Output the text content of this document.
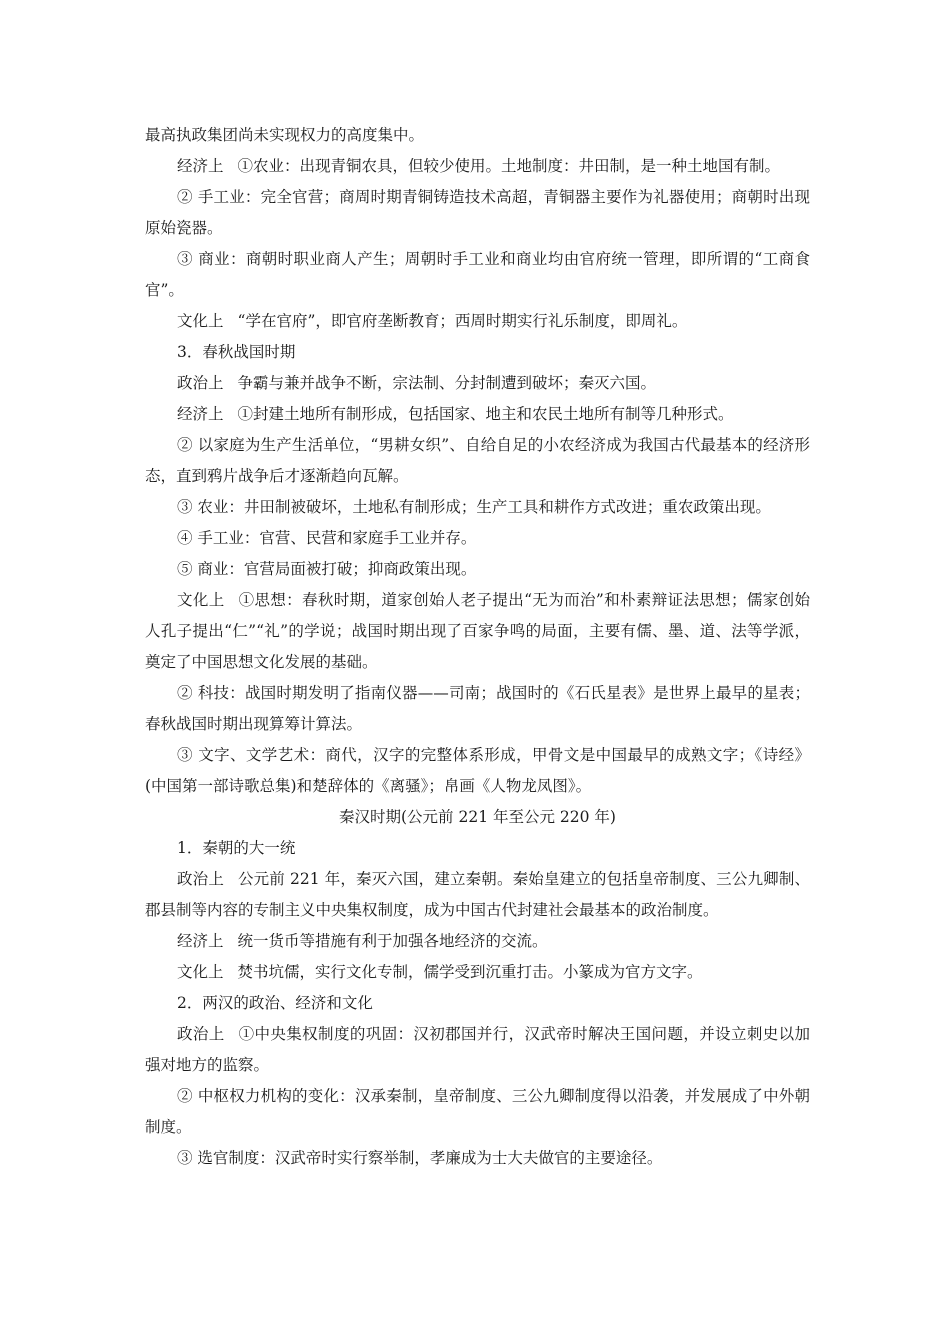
最高执政集团尚未实现权力的高度集中。

经济上 ①农业：出现青铜农具，但较少使用。土地制度：井田制，是一种土地国有制。

② 手工业：完全官营；商周时期青铜铸造技术高超，青铜器主要作为礼器使用；商朝时出现原始瓷器。

③ 商业：商朝时职业商人产生；周朝时手工业和商业均由官府统一管理，即所谓的“工商食官”。

文化上 “学在官府”，即官府垄断教育；西周时期实行礼乐制度，即周礼。

3．春秋战国时期

政治上 争霸与兼并战争不断，宗法制、分封制遭到破坏；秦灭六国。

经济上 ①封建土地所有制形成，包括国家、地主和农民土地所有制等几种形式。

② 以家庭为生产生活单位，“男耕女织”、自给自足的小农经济成为我国古代最基本的经济形态，直到鸦片战争后才逐渐趋向瓦解。

③ 农业：井田制被破坏，土地私有制形成；生产工具和耕作方式改进；重农政策出现。

④ 手工业：官营、民营和家庭手工业并存。

⑤ 商业：官营局面被打破；抑商政策出现。

文化上 ①思想：春秋时期，道家创始人老子提出“无为而治”和朴素辩证法思想；儒家创始人孔子提出“仁”“礼”的学说；战国时期出现了百家争鸣的局面，主要有儒、墨、道、法等学派，奠定了中国思想文化发展的基础。

② 科技：战国时期发明了指南仪器——司南；战国时的《石氏星表》是世界上最早的星表；春秋战国时期出现算筹计算法。

③ 文字、文学艺术：商代，汉字的完整体系形成，甲骨文是中国最早的成熟文字；《诗经》(中国第一部诗歌总集)和楚辞体的《离骚》；帛画《人物龙凤图》。

秦汉时期(公元前 221 年至公元 220 年)

1．秦朝的大一统

政治上 公元前 221 年，秦灭六国，建立秦朝。秦始皇建立的包括皇帝制度、三公九卿制、郡县制等内容的专制主义中央集权制度，成为中国古代封建社会最基本的政治制度。

经济上 统一货币等措施有利于加强各地经济的交流。

文化上 焚书坑儒，实行文化专制，儒学受到沉重打击。小篆成为官方文字。

2．两汉的政治、经济和文化

政治上 ①中央集权制度的巩固：汉初郡国并行，汉武帝时解决王国问题，并设立刺史以加强对地方的监察。

② 中枢权力机构的变化：汉承秦制，皇帝制度、三公九卿制度得以沿袭，并发展成了中外朝制度。

③ 选官制度：汉武帝时实行察举制，孝廉成为士大夫做官的主要途径。
